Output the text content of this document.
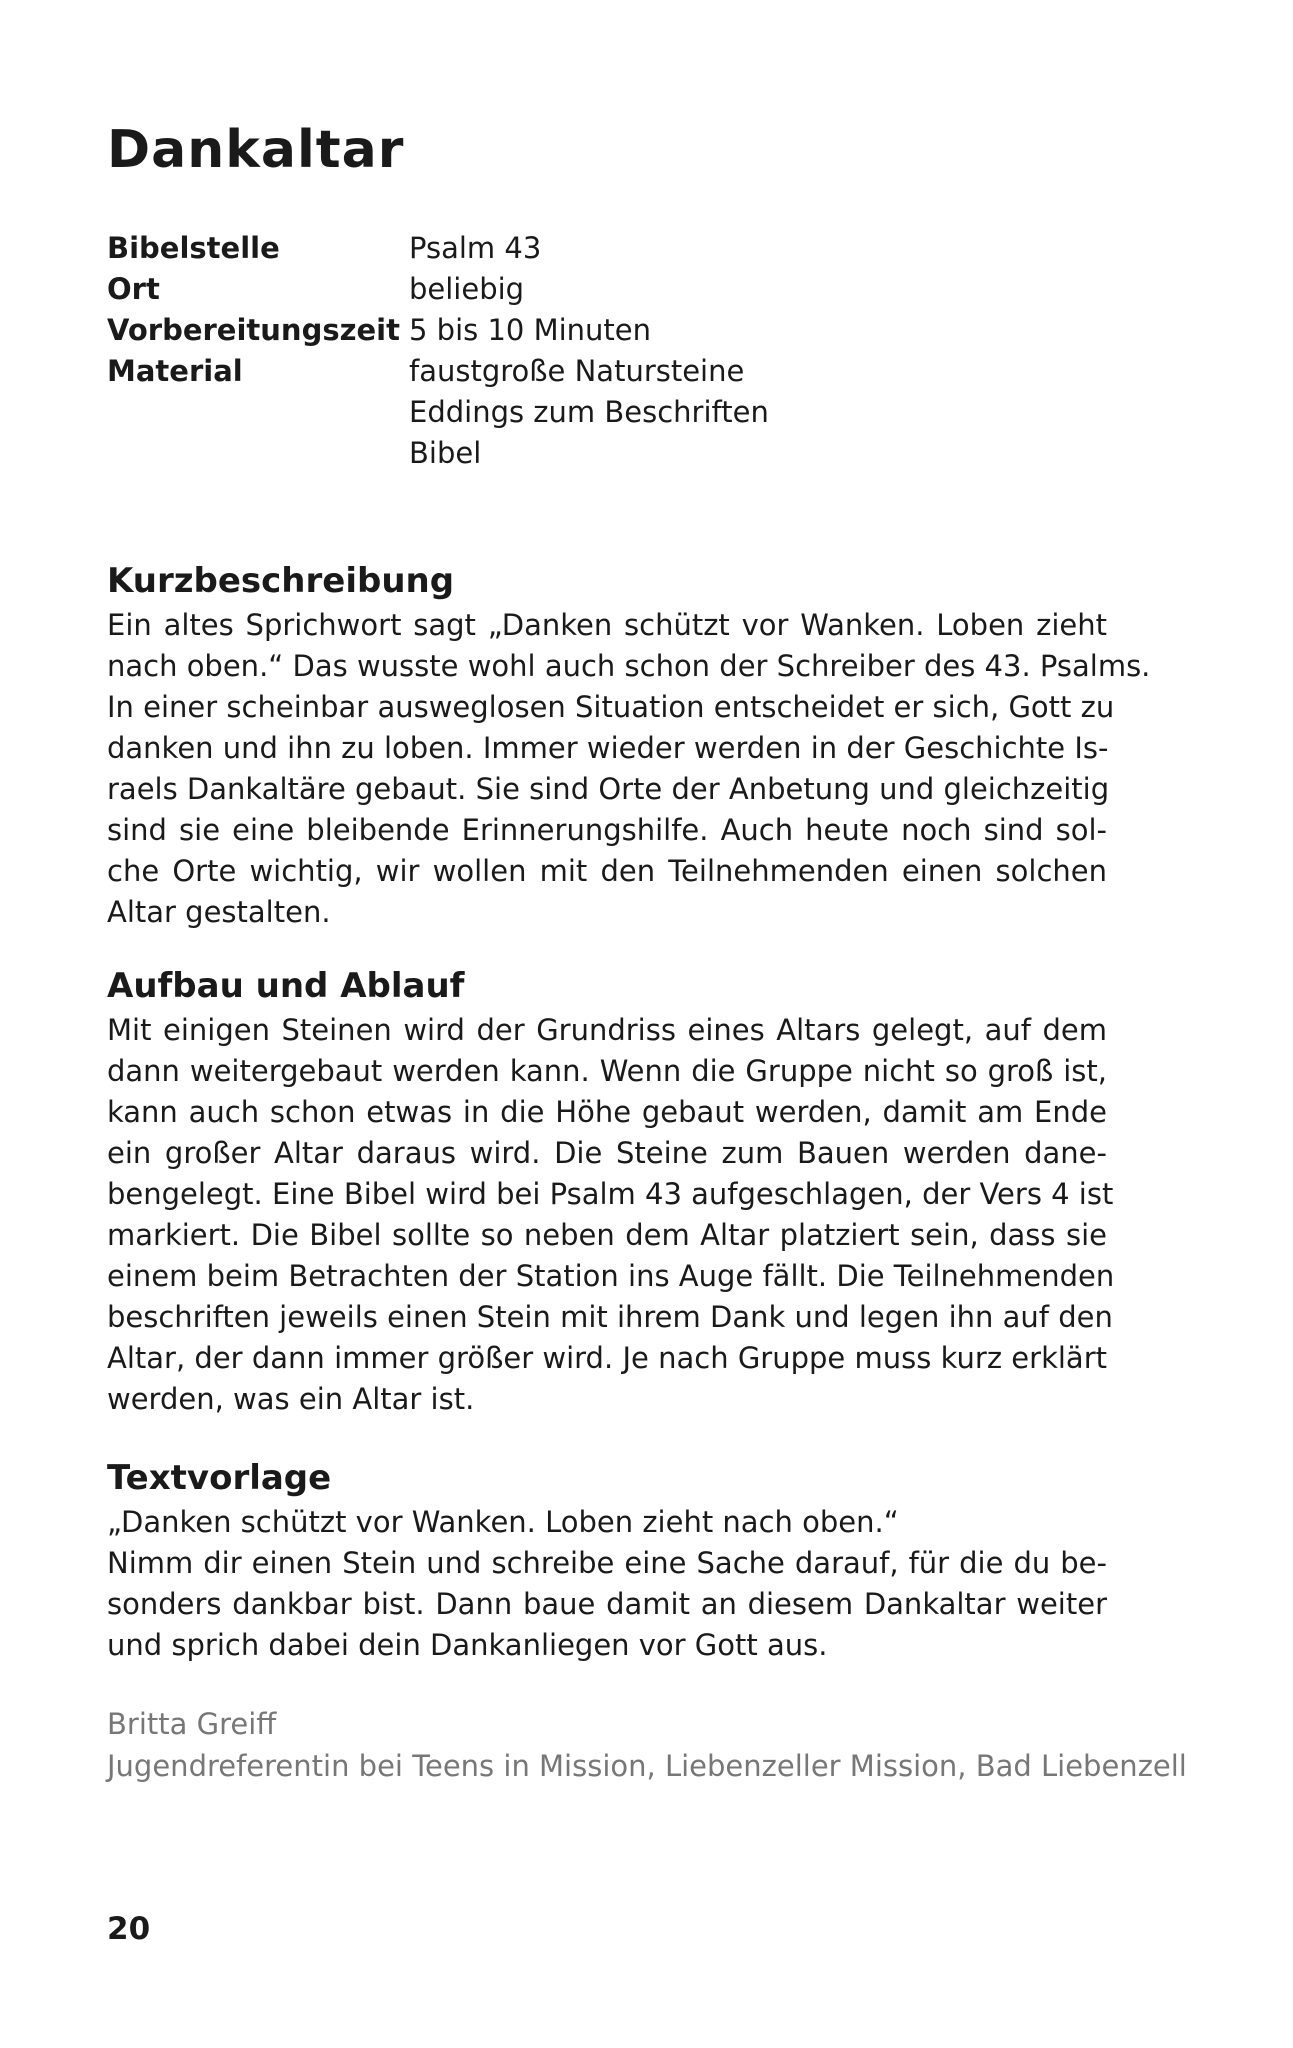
Dankaltar
Bibelstelle	Psalm 43
Ort	beliebig
Vorbereitungszeit 5 bis 10 Minuten
Material	faustgroße Natursteine
Eddings zum Beschriften
Bibel
Kurzbeschreibung
Ein altes Sprichwort sagt „Danken schützt vor Wanken. Loben zieht
nach oben.“ Das wusste wohl auch schon der Schreiber des 43. Psalms.
In einer scheinbar ausweglosen Situation entscheidet er sich, Gott zu
danken und ihn zu loben. Immer wieder werden in der Geschichte Is-
raels Dankaltäre gebaut. Sie sind Orte der Anbetung und gleichzeitig
sind sie eine bleibende Erinnerungshilfe. Auch heute noch sind sol-
che Orte wichtig, wir wollen mit den Teilnehmenden einen solchen
Altar gestalten.
Aufbau und Ablauf
Mit einigen Steinen wird der Grundriss eines Altars gelegt, auf dem
dann weitergebaut werden kann. Wenn die Gruppe nicht so groß ist,
kann auch schon etwas in die Höhe gebaut werden, damit am Ende
ein großer Altar daraus wird. Die Steine zum Bauen werden dane-
bengelegt. Eine Bibel wird bei Psalm 43 aufgeschlagen, der Vers 4 ist
markiert. Die Bibel sollte so neben dem Altar platziert sein, dass sie
einem beim Betrachten der Station ins Auge fällt. Die Teilnehmenden
beschriften jeweils einen Stein mit ihrem Dank und legen ihn auf den
Altar, der dann immer größer wird. Je nach Gruppe muss kurz erklärt
werden, was ein Altar ist.
Textvorlage
„Danken schützt vor Wanken. Loben zieht nach oben.“
Nimm dir einen Stein und schreibe eine Sache darauf, für die du be-
sonders dankbar bist. Dann baue damit an diesem Dankaltar weiter
und sprich dabei dein Dankanliegen vor Gott aus.
Britta Greiff
Jugendreferentin bei Teens in Mission, Liebenzeller Mission, Bad Liebenzell
20
